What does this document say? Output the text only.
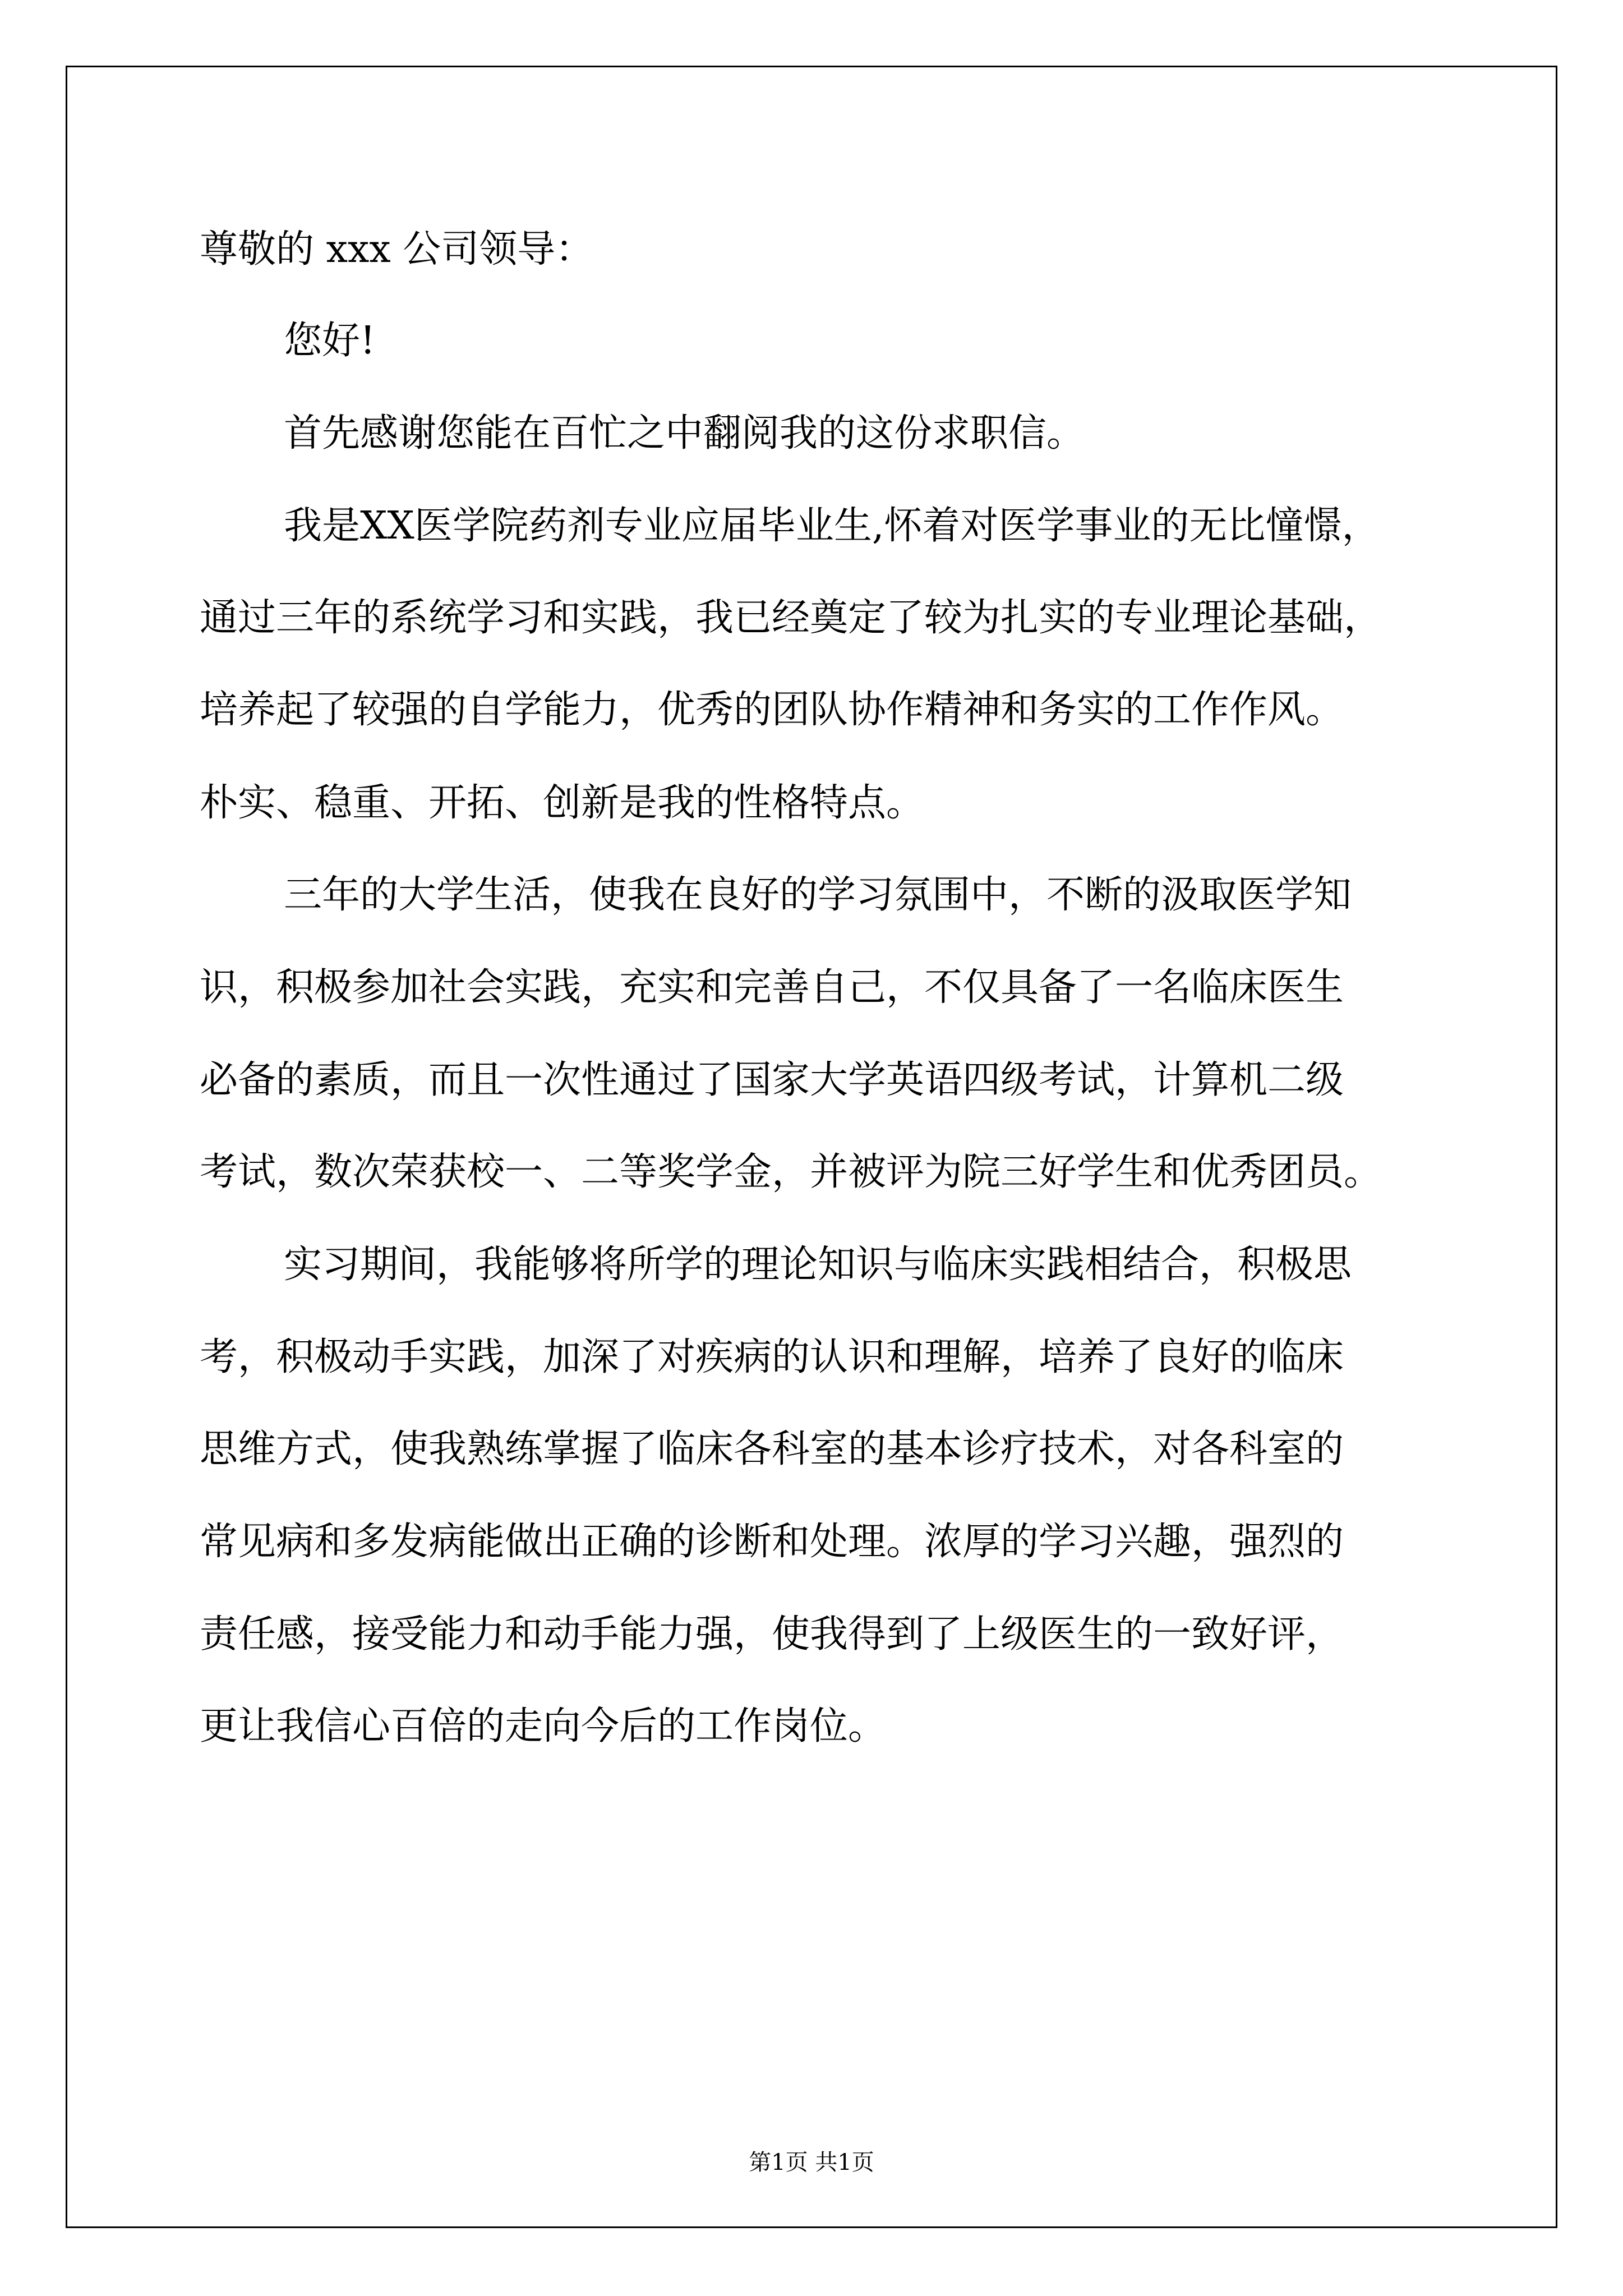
尊敬的 xxx 公司领导：

您好!

首先感谢您能在百忙之中翻阅我的这份求职信。

我是XX医学院药剂专业应届毕业生,怀着对医学事业的无比憧憬，

通过三年的系统学习和实践，我已经奠定了较为扎实的专业理论基础，

培养起了较强的自学能力，优秀的团队协作精神和务实的工作作风。

朴实、稳重、开拓、创新是我的性格特点。

三年的大学生活，使我在良好的学习氛围中，不断的汲取医学知

识，积极参加社会实践，充实和完善自己，不仅具备了一名临床医生

必备的素质，而且一次性通过了国家大学英语四级考试，计算机二级

考试，数次荣获校一、二等奖学金，并被评为院三好学生和优秀团员。

实习期间，我能够将所学的理论知识与临床实践相结合，积极思

考，积极动手实践，加深了对疾病的认识和理解，培养了良好的临床

思维方式，使我熟练掌握了临床各科室的基本诊疗技术，对各科室的

常见病和多发病能做出正确的诊断和处理。浓厚的学习兴趣，强烈的

责任感，接受能力和动手能力强，使我得到了上级医生的一致好评，

更让我信心百倍的走向今后的工作岗位。

第1页 共1页
